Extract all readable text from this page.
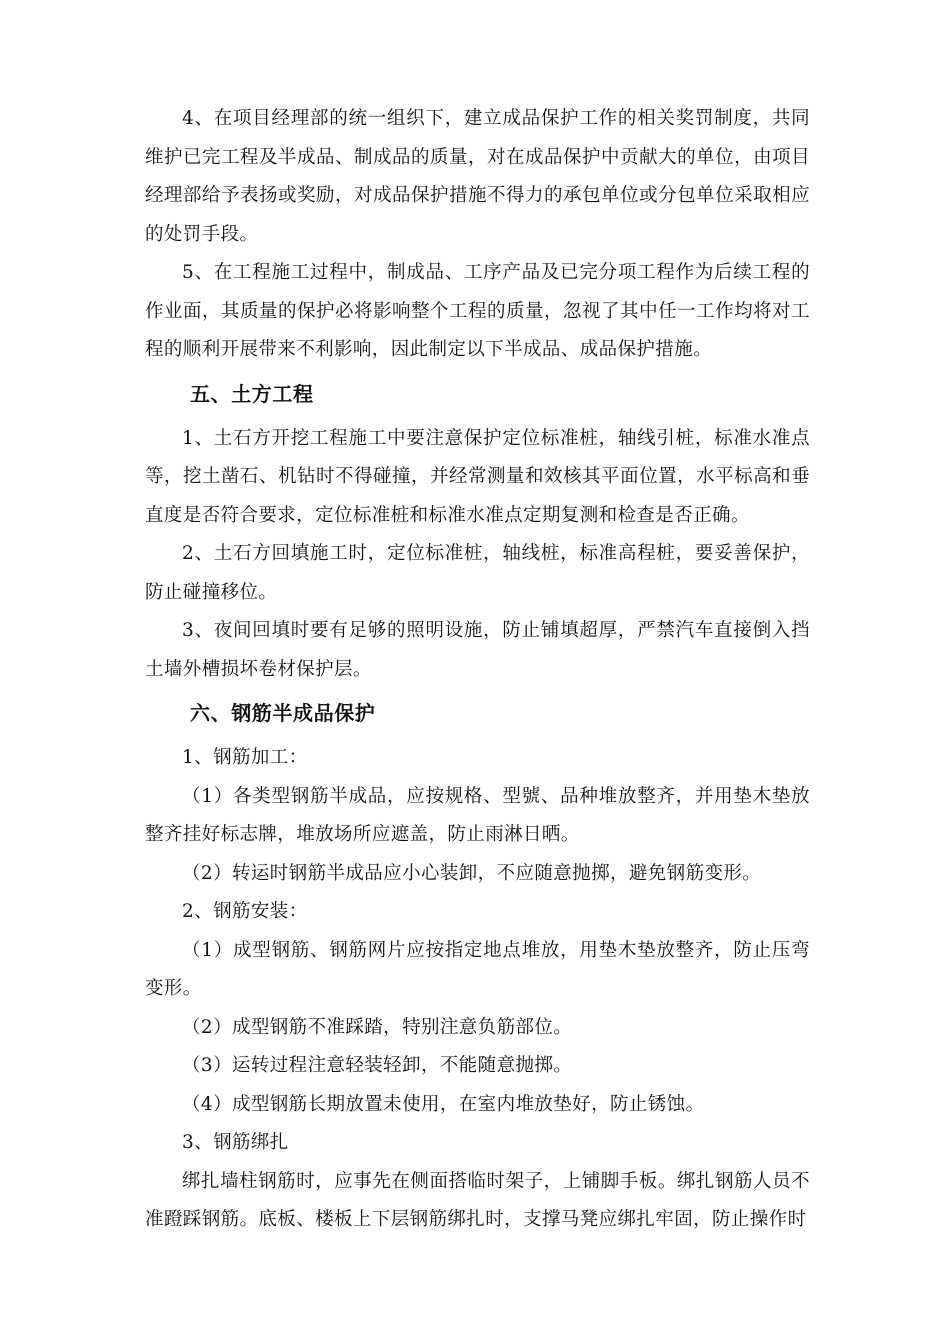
4、在项目经理部的统一组织下，建立成品保护工作的相关奖罚制度，共同维护已完工程及半成品、制成品的质量，对在成品保护中贡献大的单位，由项目经理部给予表扬或奖励，对成品保护措施不得力的承包单位或分包单位采取相应的处罚手段。

5、在工程施工过程中，制成品、工序产品及已完分项工程作为后续工程的作业面，其质量的保护必将影响整个工程的质量，忽视了其中任一工作均将对工程的顺利开展带来不利影响，因此制定以下半成品、成品保护措施。

五、土方工程

1、土石方开挖工程施工中要注意保护定位标准桩，轴线引桩，标准水准点等，挖土凿石、机钻时不得碰撞，并经常测量和效核其平面位置，水平标高和垂直度是否符合要求，定位标准桩和标准水准点定期复测和检查是否正确。

2、土石方回填施工时，定位标准桩，轴线桩，标准高程桩，要妥善保护，防止碰撞移位。

3、夜间回填时要有足够的照明设施，防止铺填超厚，严禁汽车直接倒入挡土墙外槽损坏卷材保护层。

六、钢筋半成品保护

1、钢筋加工：

（1）各类型钢筋半成品，应按规格、型號、品种堆放整齐，并用垫木垫放整齐挂好标志牌，堆放场所应遮盖，防止雨淋日晒。

（2）转运时钢筋半成品应小心装卸，不应随意抛掷，避免钢筋变形。

2、钢筋安装：

（1）成型钢筋、钢筋网片应按指定地点堆放，用垫木垫放整齐，防止压弯变形。

（2）成型钢筋不准踩踏，特别注意负筋部位。

（3）运转过程注意轻装轻卸，不能随意抛掷。

（4）成型钢筋长期放置未使用，在室内堆放垫好，防止锈蚀。

3、钢筋绑扎

绑扎墙柱钢筋时，应事先在侧面搭临时架子，上铺脚手板。绑扎钢筋人员不准蹬踩钢筋。底板、楼板上下层钢筋绑扎时，支撑马凳应绑扎牢固，防止操作时
